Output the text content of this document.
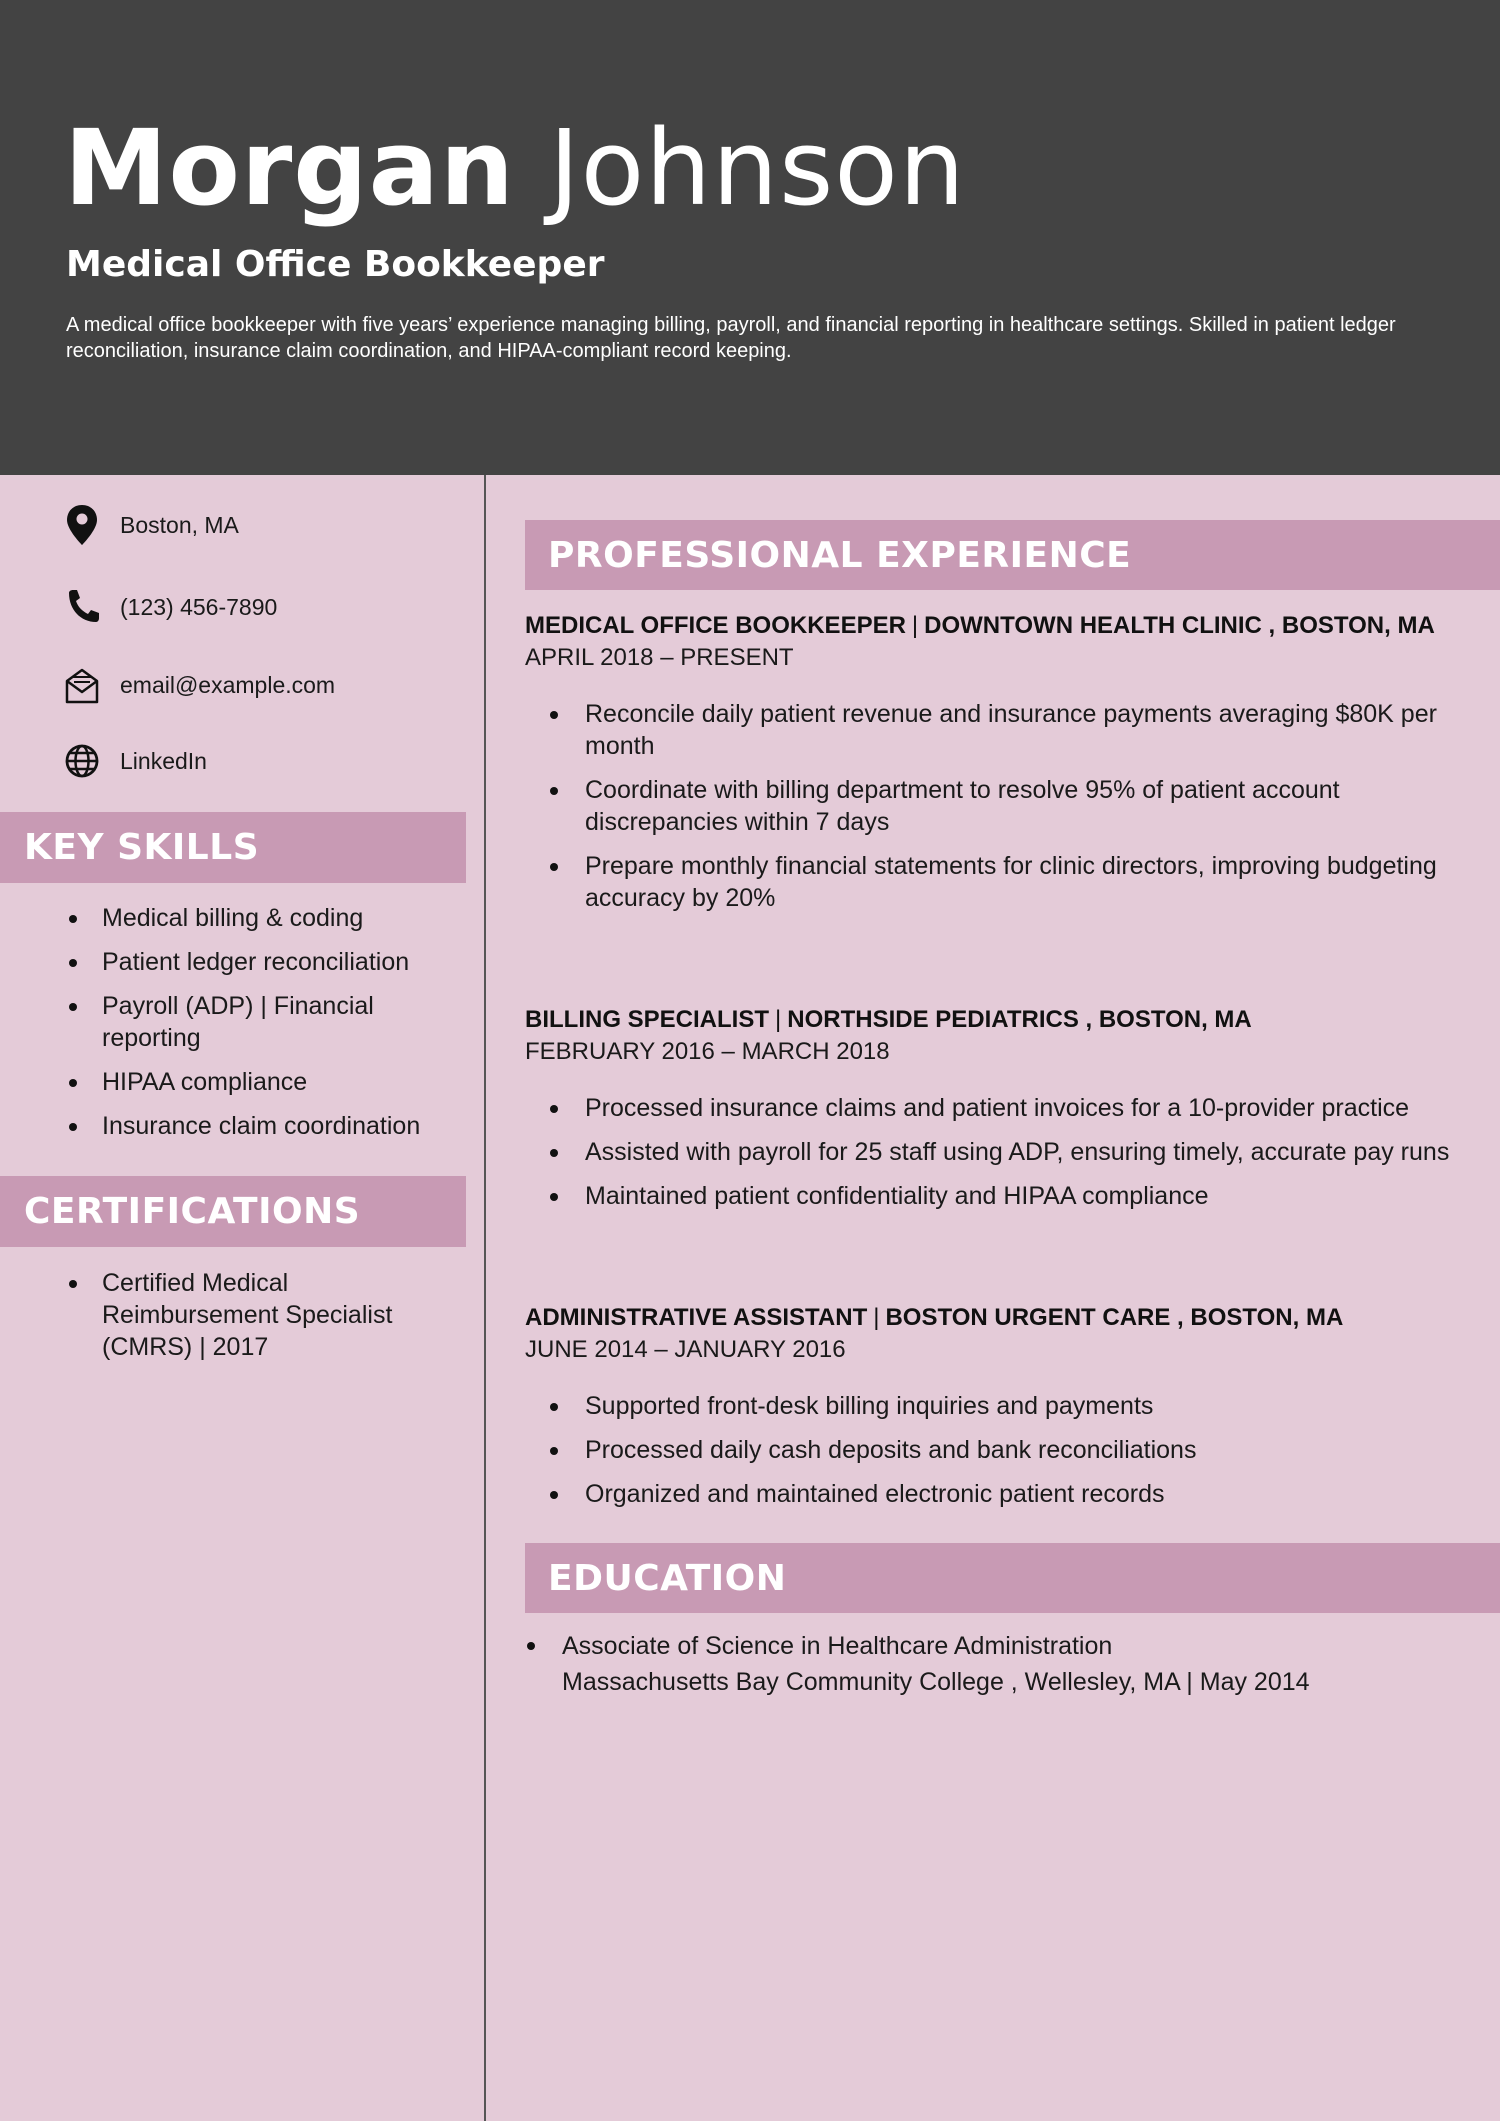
Morgan Johnson
Medical Office Bookkeeper
A medical office bookkeeper with five years’ experience managing billing, payroll, and financial reporting in healthcare settings. Skilled in patient ledger reconciliation, insurance claim coordination, and HIPAA-compliant record keeping.
Boston, MA
(123) 456-7890
email@example.com
LinkedIn
KEY SKILLS
Medical billing & coding
Patient ledger reconciliation
Payroll (ADP) | Financial reporting
HIPAA compliance
Insurance claim coordination
CERTIFICATIONS
Certified Medical Reimbursement Specialist (CMRS) | 2017
PROFESSIONAL EXPERIENCE
MEDICAL OFFICE BOOKKEEPER | DOWNTOWN HEALTH CLINIC , BOSTON, MA
APRIL 2018 – PRESENT
Reconcile daily patient revenue and insurance payments averaging $80K per month
Coordinate with billing department to resolve 95% of patient account discrepancies within 7 days
Prepare monthly financial statements for clinic directors, improving budgeting accuracy by 20%
BILLING SPECIALIST | NORTHSIDE PEDIATRICS , BOSTON, MA
FEBRUARY 2016 – MARCH 2018
Processed insurance claims and patient invoices for a 10-provider practice
Assisted with payroll for 25 staff using ADP, ensuring timely, accurate pay runs
Maintained patient confidentiality and HIPAA compliance
ADMINISTRATIVE ASSISTANT | BOSTON URGENT CARE , BOSTON, MA
JUNE 2014 – JANUARY 2016
Supported front-desk billing inquiries and payments
Processed daily cash deposits and bank reconciliations
Organized and maintained electronic patient records
EDUCATION
Associate of Science in Healthcare Administration
Massachusetts Bay Community College , Wellesley, MA | May 2014
